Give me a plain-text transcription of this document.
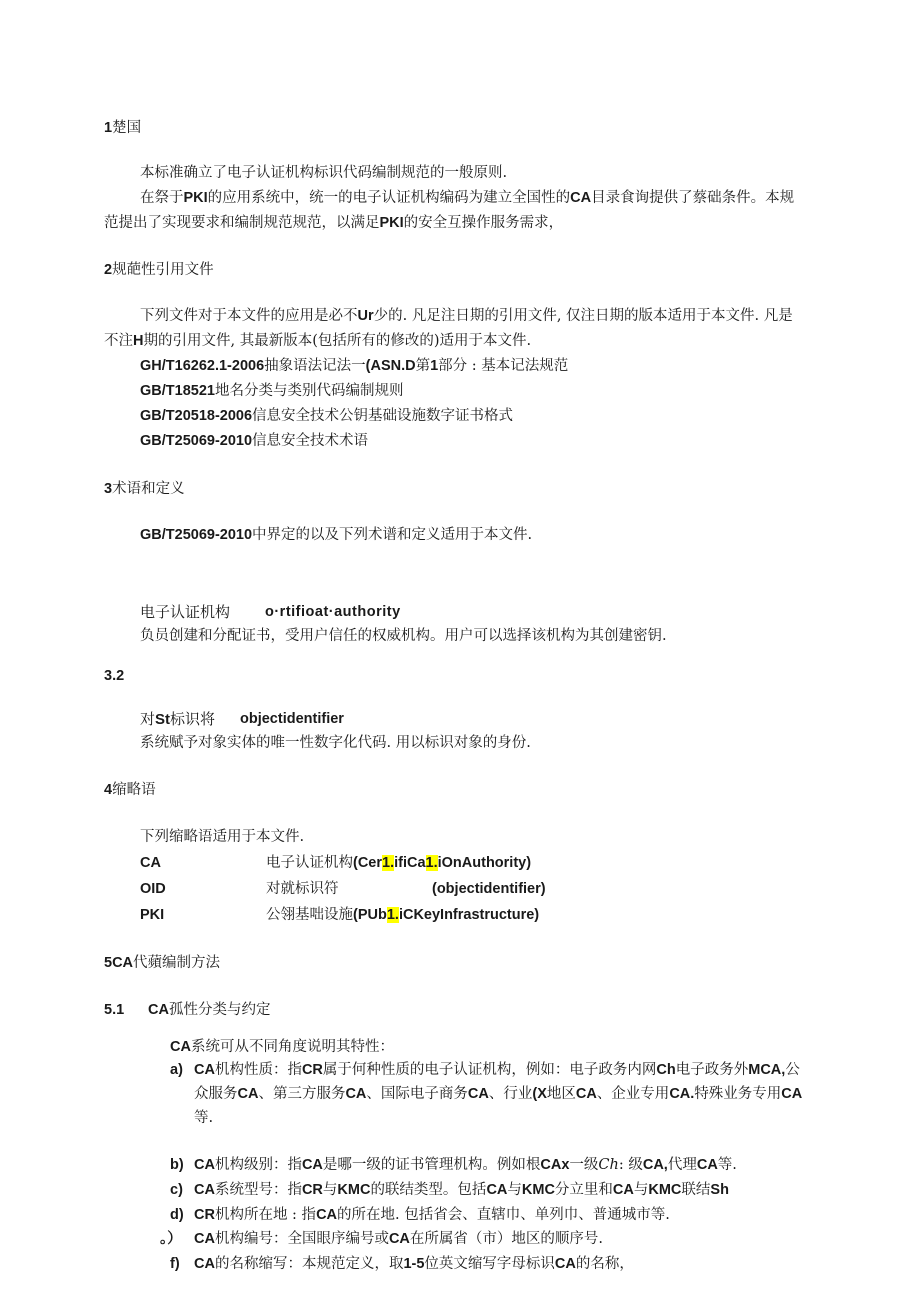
1楚国
本标准确立了电子认证机构标识代码编制规范的一般原则.
在祭于PKI的应用系统中，统一的电子认证机构编码为建立全国性的CA目录食询提供了蔡础条件。本规
范提出了实现要求和编制规范规范，以满足PKI的安全互操作服务需求，
2规葩性引用文件
下列文件对于本文件的应用是必不Ur少的. 凡足注日期的引用文件, 仅注日期的版本适用于本文件. 凡是
不注H期的引用文件, 其最新版本(包括所有的修改的)适用于本文件.
GH/T16262.1-2006抽象语法记法一(ASN.D第1部分 : 基本记法规范
GB/T18521地名分类与类别代码编制规则
GB/T20518-2006信息安全技术公钥基础设施数字证书格式
GB/T25069-2010信息安全技术术语
3术语和定义
GB/T25069-2010中界定的以及下列术谱和定义适用于本文件.
电子认证机构 o·rtifioat·authority
负员创建和分配证书，受用户信任的权威机构。用户可以选择该机构为其创建密钥.
3.2
对St标识将 objectidentifier
系统赋予对象实体的唯一性数字化代码. 用以标识对象的身份.
4缩略语
下列缩略语适用于本文件.
CA	电子认证机构(Cer1.ifiCa1.iOnAuthority)
OID	对就标识符	(objectidentifier)
PKI	公翎基咄设施(PUb1.iCKeyInfrastructure)
5CA代蘋编制方法
5.1 CA孤性分类与约定
CA系统可从不同角度说明其特性：
a) CA机构性质：指CR属于何种性质的电子认证机构，例如：电子政务内网Ch电子政务外MCA,公
众服务CA、第三方服务CA、国际电子商务CA、行业(X地区CA、企业专用CA.特殊业务专用CA
等.
b) CA机构级别：指CA是哪一级的证书管理机构。例如根CAx一级Ch: 级CA,代理CA等.
c) CA系统型号：指CR与KMC的联结类型。包括CA与KMC分立里和CA与KMC联结Sh
d) CR机构所在地 : 指CA的所在地. 包括省会、直辖巾、单列巾、普通城市等.
。） CA机构编号：全国眼序编号或CA在所属省（市）地区的顺序号.
f) CA的名称缩写：本规范定义，取1-5位英文缩写字母标识CA的名称，
